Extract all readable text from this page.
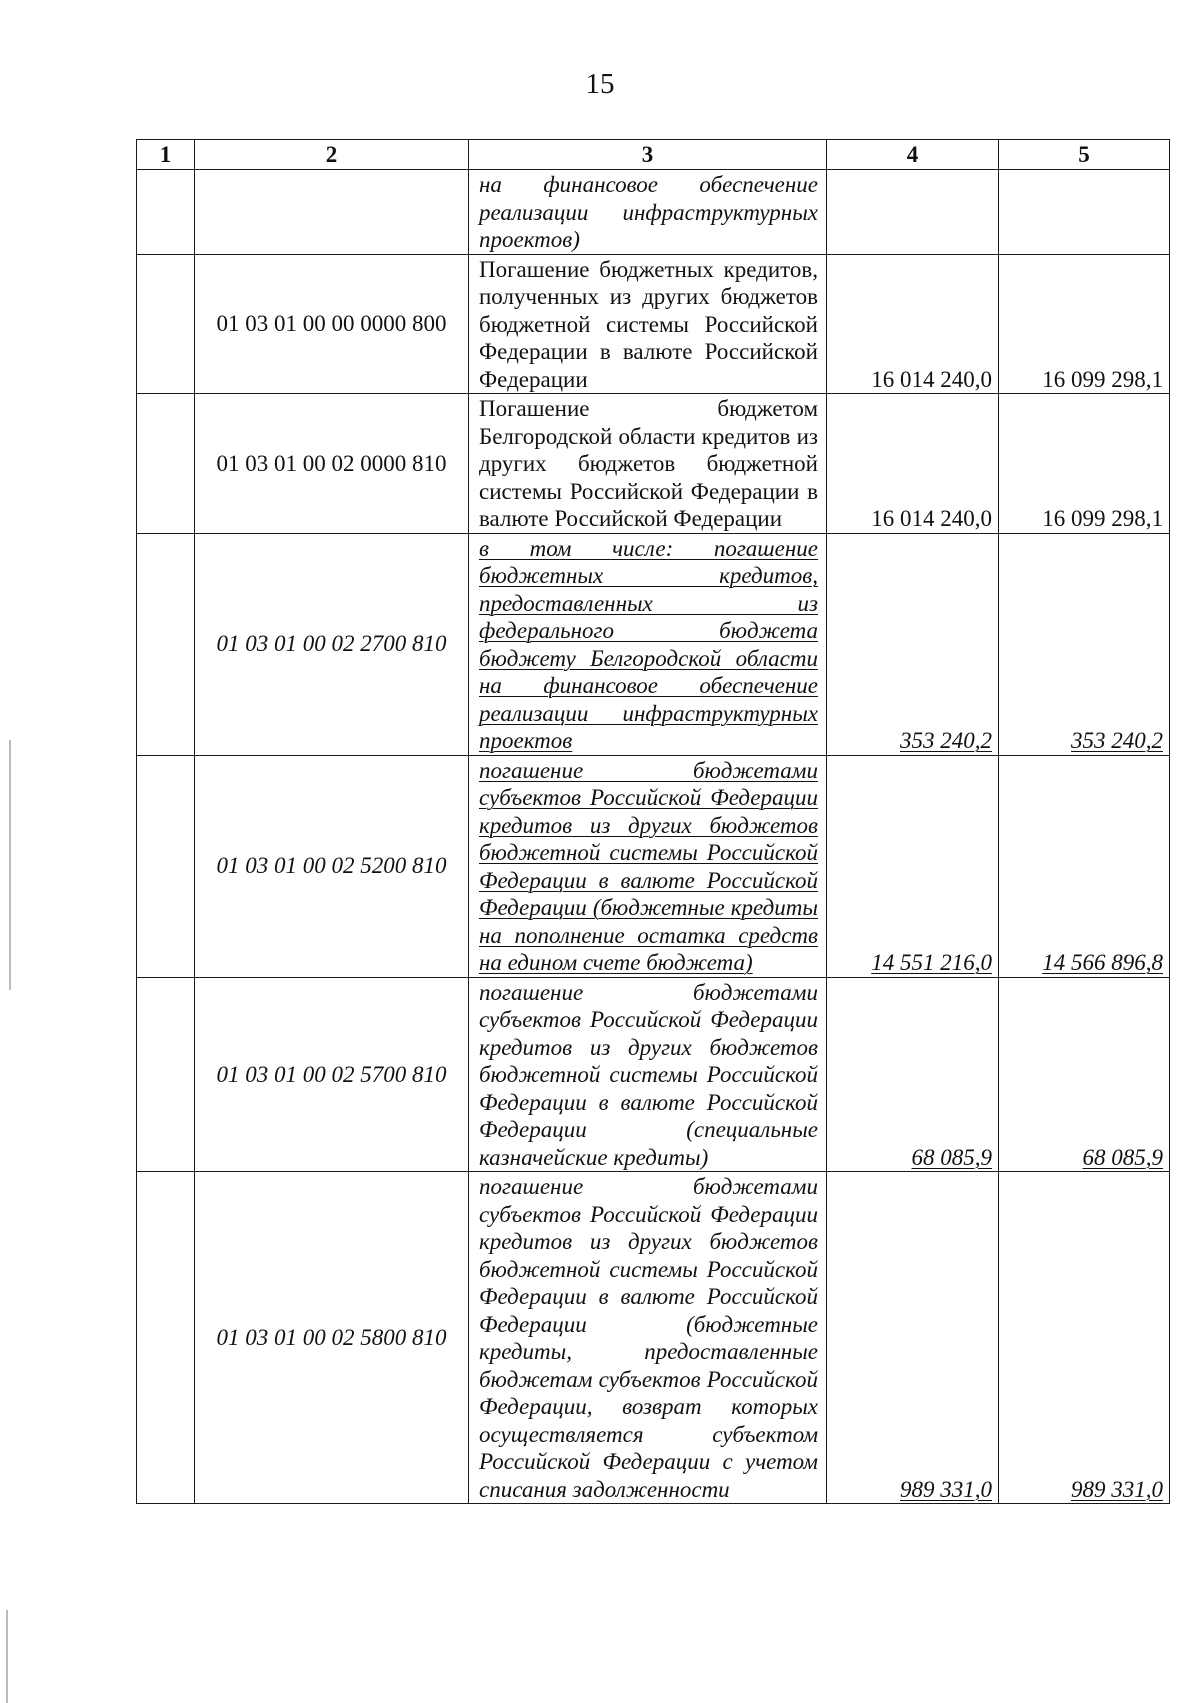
15
1	2	3	4	5
		на финансовое обеспечение реализации инфраструктурных проектов)		
	01 03 01 00 00 0000 800	Погашение бюджетных кредитов, полученных из других бюджетов бюджетной системы Российской Федерации в валюте Российской Федерации	16 014 240,0	16 099 298,1
	01 03 01 00 02 0000 810	Погашение бюджетом Белгородской области кредитов из других бюджетов бюджетной системы Российской Федерации в валюте Российской Федерации	16 014 240,0	16 099 298,1
	01 03 01 00 02 2700 810	в том числе: погашение бюджетных кредитов, предоставленных из федерального бюджета бюджету Белгородской области на финансовое обеспечение реализации инфраструктурных проектов	353 240,2	353 240,2
	01 03 01 00 02 5200 810	погашение бюджетами субъектов Российской Федерации кредитов из других бюджетов бюджетной системы Российской Федерации в валюте Российской Федерации (бюджетные кредиты на пополнение остатка средств на едином счете бюджета)	14 551 216,0	14 566 896,8
	01 03 01 00 02 5700 810	погашение бюджетами субъектов Российской Федерации кредитов из других бюджетов бюджетной системы Российской Федерации в валюте Российской Федерации (специальные казначейские кредиты)	68 085,9	68 085,9
	01 03 01 00 02 5800 810	погашение бюджетами субъектов Российской Федерации кредитов из других бюджетов бюджетной системы Российской Федерации в валюте Российской Федерации (бюджетные кредиты, предоставленные бюджетам субъектов Российской Федерации, возврат которых осуществляется субъектом Российской Федерации с учетом списания задолженности	989 331,0	989 331,0
